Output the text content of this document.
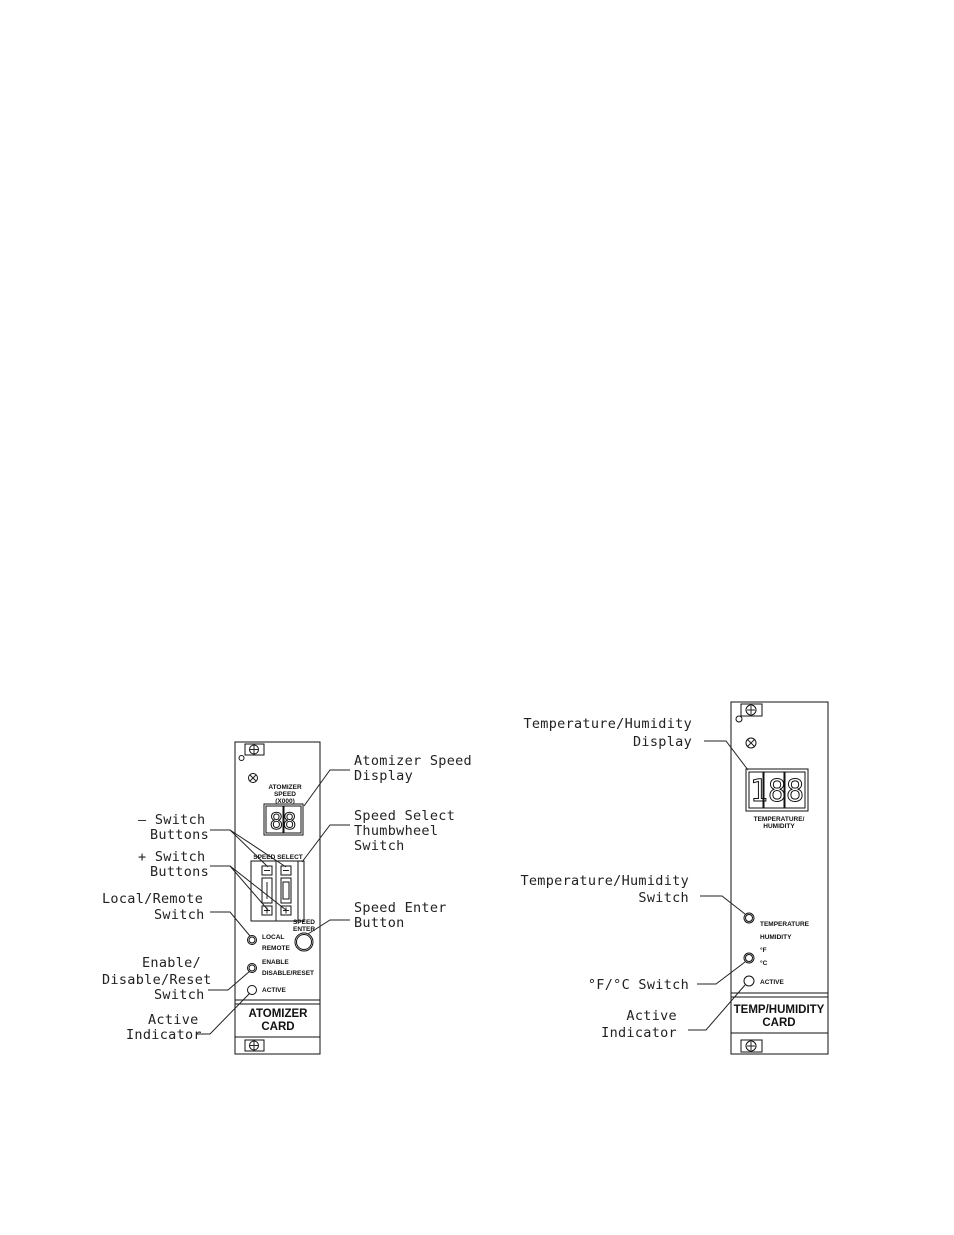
ATOMIZER
SPEED
(X000)
88
SPEED SELECT
SPEED
ENTER
LOCAL
REMOTE
ENABLE
DISABLE/RESET
ACTIVE
ATOMIZER
CARD
Atomizer Speed
Display
Speed Select
Thumbwheel
Switch
– Switch
Buttons
+ Switch
Buttons
Local/Remote
Switch	Speed Enter
Button
Enable/
Disable/Reset
Switch
Active
Indicator
188
TEMPERATURE/
HUMIDITY
TEMPERATURE
HUMIDITY
°F
°C
ACTIVE
TEMP/HUMIDITY
CARD
Temperature/Humidity
Display
Temperature/Humidity
Switch
°F/°C Switch
Active
Indicator
